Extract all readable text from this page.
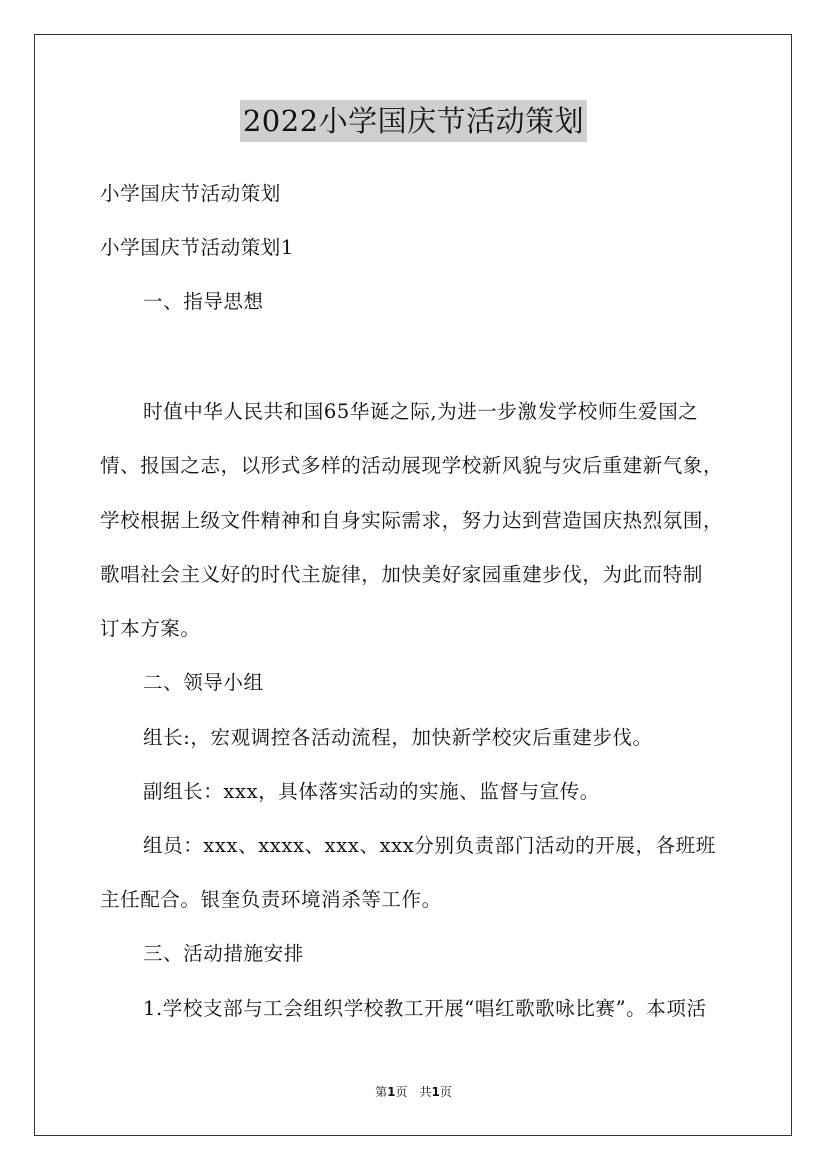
2022小学国庆节活动策划
小学国庆节活动策划
小学国庆节活动策划1
一、指导思想
时值中华人民共和国65华诞之际,为进一步激发学校师生爱国之
情、报国之志，以形式多样的活动展现学校新风貌与灾后重建新气象，
学校根据上级文件精神和自身实际需求，努力达到营造国庆热烈氛围，
歌唱社会主义好的时代主旋律，加快美好家园重建步伐，为此而特制
订本方案。
二、领导小组
组长:，宏观调控各活动流程，加快新学校灾后重建步伐。
副组长：xxx，具体落实活动的实施、监督与宣传。
组员：xxx、xxxx、xxx、xxx分别负责部门活动的开展，各班班
主任配合。银奎负责环境消杀等工作。
三、活动措施安排
1.学校支部与工会组织学校教工开展“唱红歌歌咏比赛”。本项活
第1页 共1页
